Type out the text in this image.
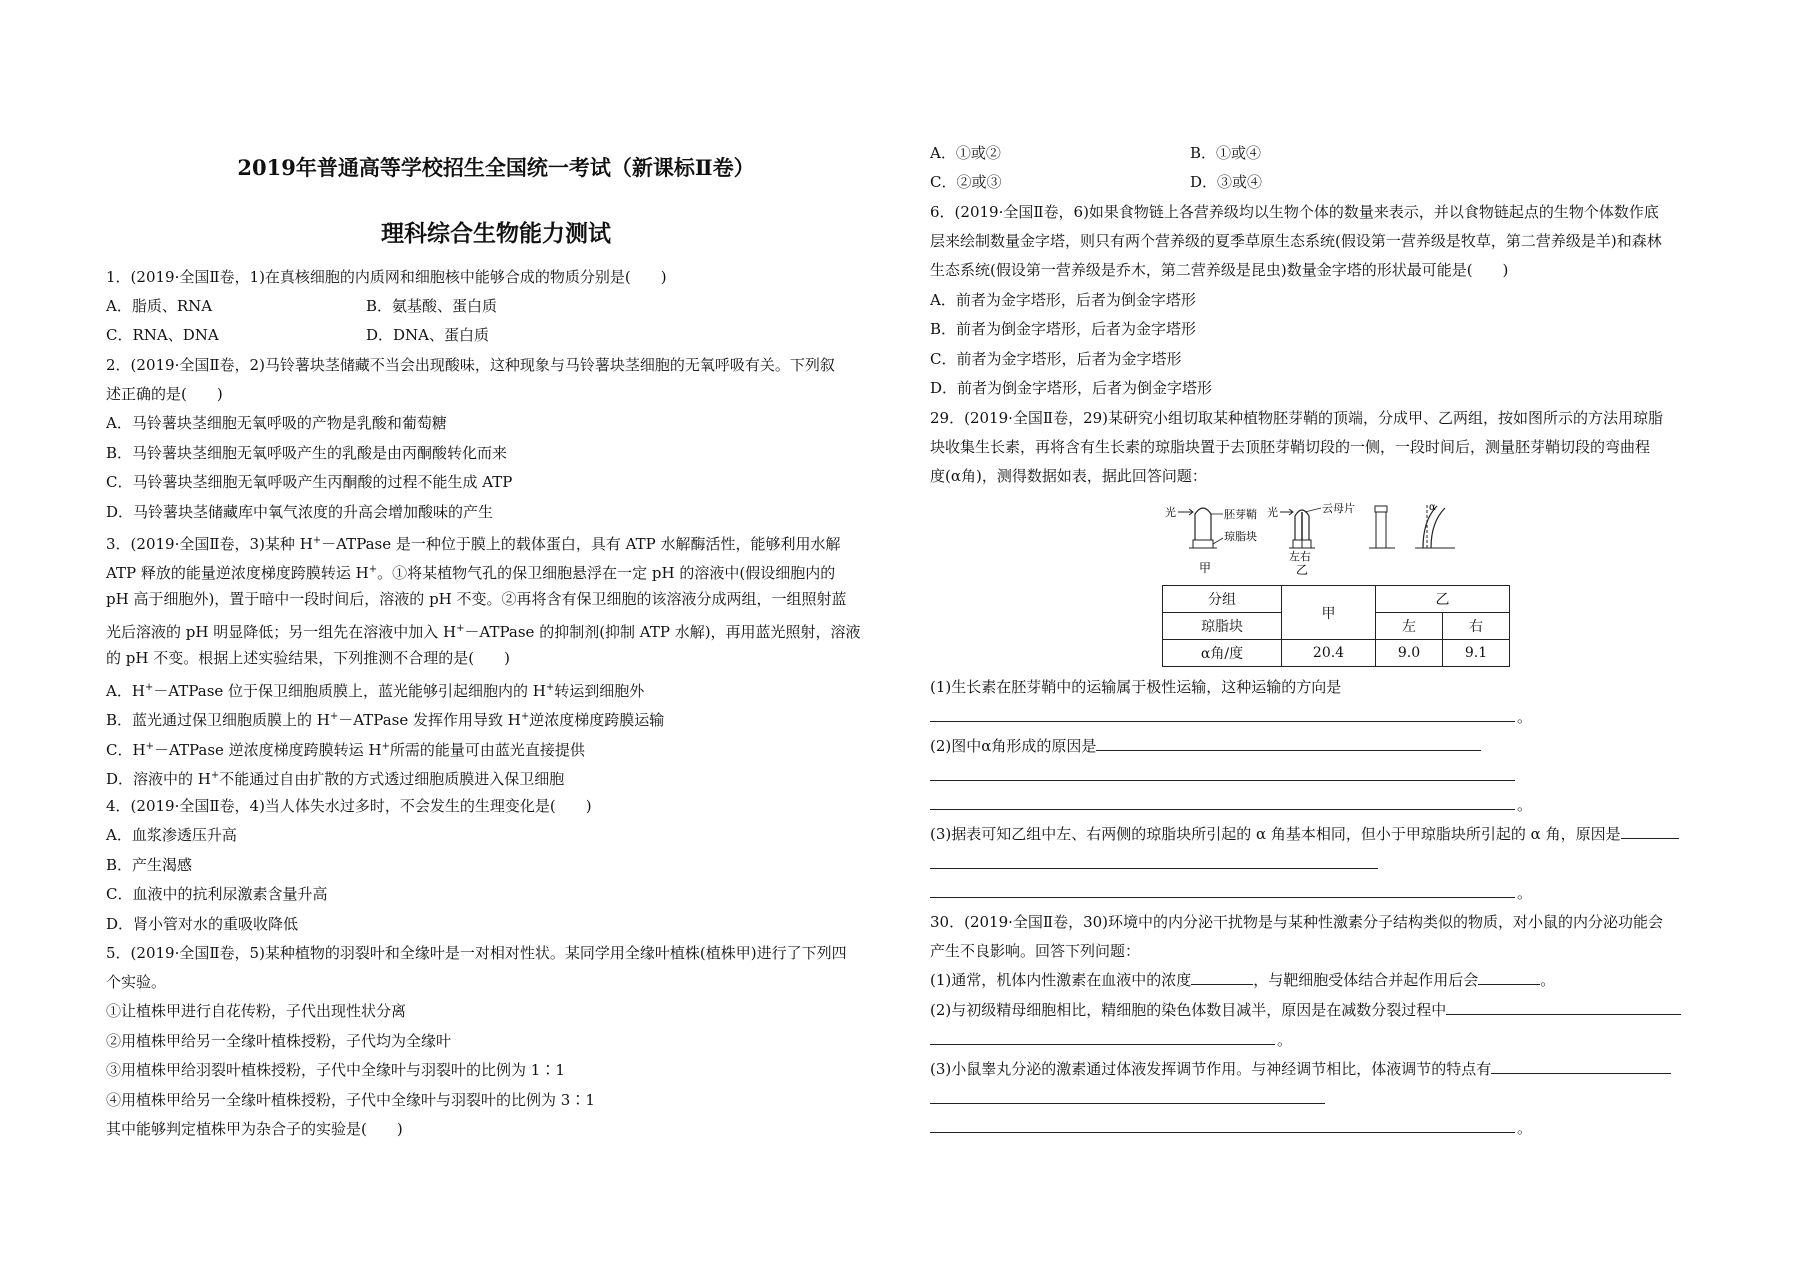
2019年普通高等学校招生全国统一考试（新课标Ⅱ卷）
理科综合生物能力测试
1．(2019·全国Ⅱ卷，1)在真核细胞的内质网和细胞核中能够合成的物质分别是(　　)
A．脂质、RNA	B．氨基酸、蛋白质
C．RNA、DNA	D．DNA、蛋白质
2．(2019·全国Ⅱ卷，2)马铃薯块茎储藏不当会出现酸味，这种现象与马铃薯块茎细胞的无氧呼吸有关。下列叙
述正确的是(　　)
A．马铃薯块茎细胞无氧呼吸的产物是乳酸和葡萄糖
B．马铃薯块茎细胞无氧呼吸产生的乳酸是由丙酮酸转化而来
C．马铃薯块茎细胞无氧呼吸产生丙酮酸的过程不能生成 ATP
D．马铃薯块茎储藏库中氧气浓度的升高会增加酸味的产生
3．(2019·全国Ⅱ卷，3)某种 H+－ATPase 是一种位于膜上的载体蛋白，具有 ATP 水解酶活性，能够利用水解
ATP 释放的能量逆浓度梯度跨膜转运 H+。①将某植物气孔的保卫细胞悬浮在一定 pH 的溶液中(假设细胞内的
pH 高于细胞外)，置于暗中一段时间后，溶液的 pH 不变。②再将含有保卫细胞的该溶液分成两组，一组照射蓝
光后溶液的 pH 明显降低；另一组先在溶液中加入 H+－ATPase 的抑制剂(抑制 ATP 水解)，再用蓝光照射，溶液
的 pH 不变。根据上述实验结果，下列推测不合理的是(　　)
A．H+－ATPase 位于保卫细胞质膜上，蓝光能够引起细胞内的 H+转运到细胞外
B．蓝光通过保卫细胞质膜上的 H+－ATPase 发挥作用导致 H+逆浓度梯度跨膜运输
C．H+－ATPase 逆浓度梯度跨膜转运 H+所需的能量可由蓝光直接提供
D．溶液中的 H+不能通过自由扩散的方式透过细胞质膜进入保卫细胞
4．(2019·全国Ⅱ卷，4)当人体失水过多时，不会发生的生理变化是(　　)
A．血浆渗透压升高
B．产生渴感
C．血液中的抗利尿激素含量升高
D．肾小管对水的重吸收降低
5．(2019·全国Ⅱ卷，5)某种植物的羽裂叶和全缘叶是一对相对性状。某同学用全缘叶植株(植株甲)进行了下列四
个实验。
①让植株甲进行自花传粉，子代出现性状分离
②用植株甲给另一全缘叶植株授粉，子代均为全缘叶
③用植株甲给羽裂叶植株授粉，子代中全缘叶与羽裂叶的比例为 1∶1
④用植株甲给另一全缘叶植株授粉，子代中全缘叶与羽裂叶的比例为 3∶1
其中能够判定植株甲为杂合子的实验是(　　)
A．①或②	B．①或④
C．②或③	D．③或④
6．(2019·全国Ⅱ卷，6)如果食物链上各营养级均以生物个体的数量来表示，并以食物链起点的生物个体数作底
层来绘制数量金字塔，则只有两个营养级的夏季草原生态系统(假设第一营养级是牧草，第二营养级是羊)和森林
生态系统(假设第一营养级是乔木，第二营养级是昆虫)数量金字塔的形状最可能是(　　)
A．前者为金字塔形，后者为倒金字塔形
B．前者为倒金字塔形，后者为金字塔形
C．前者为金字塔形，后者为金字塔形
D．前者为倒金字塔形，后者为倒金字塔形
29．(2019·全国Ⅱ卷，29)某研究小组切取某种植物胚芽鞘的顶端，分成甲、乙两组，按如图所示的方法用琼脂
块收集生长素，再将含有生长素的琼脂块置于去顶胚芽鞘切段的一侧，一段时间后，测量胚芽鞘切段的弯曲程
度(α角)，测得数据如表，据此回答问题：
光	胚芽鞘
琼脂块
甲
光	云母片
左右
乙
α
分组	甲	乙	
琼脂块		左	右
α角/度	20.4	9.0	9.1
(1)生长素在胚芽鞘中的运输属于极性运输，这种运输的方向是
。
(2)图中α角形成的原因是
。
(3)据表可知乙组中左、右两侧的琼脂块所引起的 α 角基本相同，但小于甲琼脂块所引起的 α 角，原因是
。
30．(2019·全国Ⅱ卷，30)环境中的内分泌干扰物是与某种性激素分子结构类似的物质，对小鼠的内分泌功能会
产生不良影响。回答下列问题：
(1)通常，机体内性激素在血液中的浓度	，与靶细胞受体结合并起作用后会	。
(2)与初级精母细胞相比，精细胞的染色体数目减半，原因是在减数分裂过程中
。
(3)小鼠睾丸分泌的激素通过体液发挥调节作用。与神经调节相比，体液调节的特点有
。
